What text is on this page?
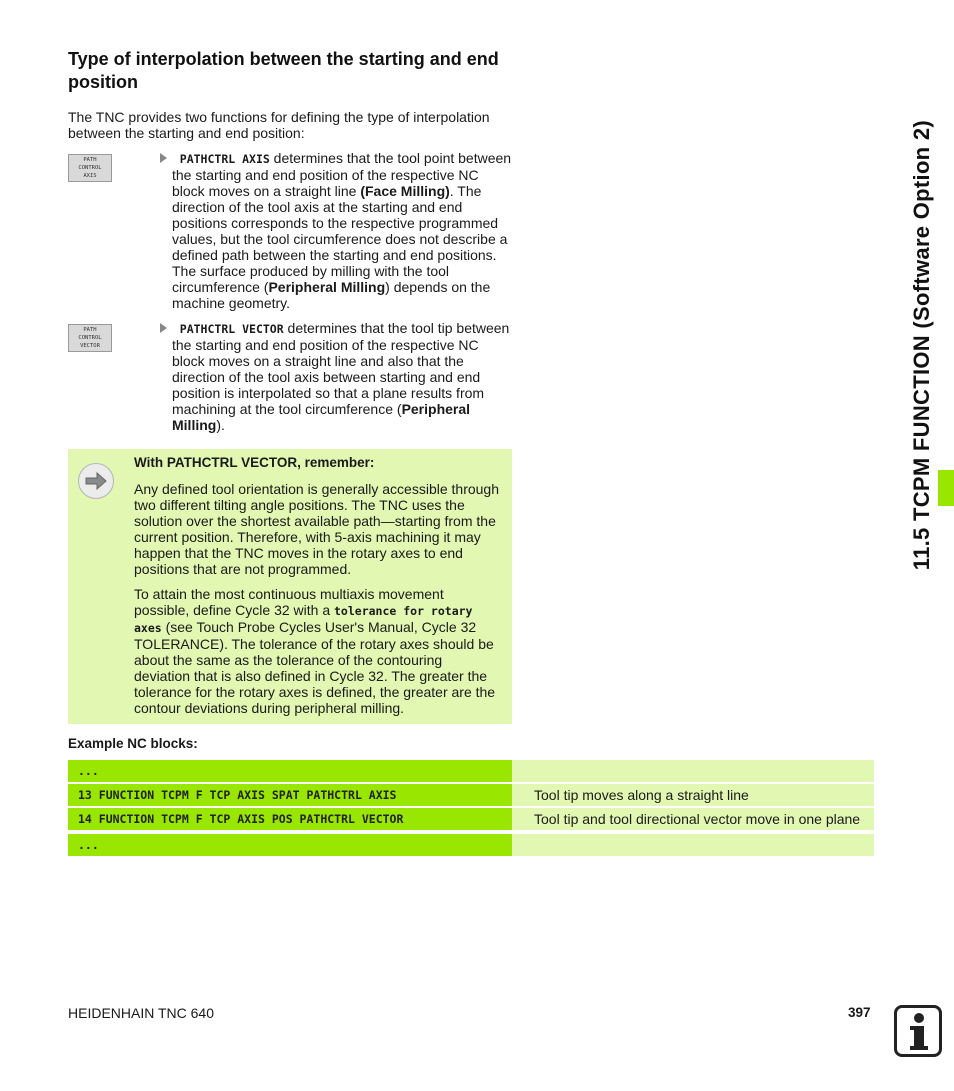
Type of interpolation between the starting and end position
The TNC provides two functions for defining the type of interpolation between the starting and end position:
PATH
CONTROL
AXIS
PATHCTRL AXIS determines that the tool point between the starting and end position of the respective NC block moves on a straight line (Face Milling). The direction of the tool axis at the starting and end positions corresponds to the respective programmed values, but the tool circumference does not describe a defined path between the starting and end positions. The surface produced by milling with the tool circumference (Peripheral Milling) depends on the machine geometry.
PATH
CONTROL
VECTOR
PATHCTRL VECTOR determines that the tool tip between the starting and end position of the respective NC block moves on a straight line and also that the direction of the tool axis between starting and end position is interpolated so that a plane results from machining at the tool circumference (Peripheral Milling).
With PATHCTRL VECTOR, remember:
Any defined tool orientation is generally accessible through two different tilting angle positions. The TNC uses the solution over the shortest available path—starting from the current position. Therefore, with 5-axis machining it may happen that the TNC moves in the rotary axes to end positions that are not programmed.
To attain the most continuous multiaxis movement possible, define Cycle 32 with a tolerance for rotary axes (see Touch Probe Cycles User's Manual, Cycle 32 TOLERANCE). The tolerance of the rotary axes should be about the same as the tolerance of the contouring deviation that is also defined in Cycle 32. The greater the tolerance for the rotary axes is defined, the greater are the contour deviations during peripheral milling.
Example NC blocks:
...
13 FUNCTION TCPM F TCP AXIS SPAT PATHCTRL AXIS	Tool tip moves along a straight line
14 FUNCTION TCPM F TCP AXIS POS PATHCTRL VECTOR	Tool tip and tool directional vector move in one plane
...
11.5 TCPM FUNCTION (Software Option 2)
HEIDENHAIN TNC 640	397
